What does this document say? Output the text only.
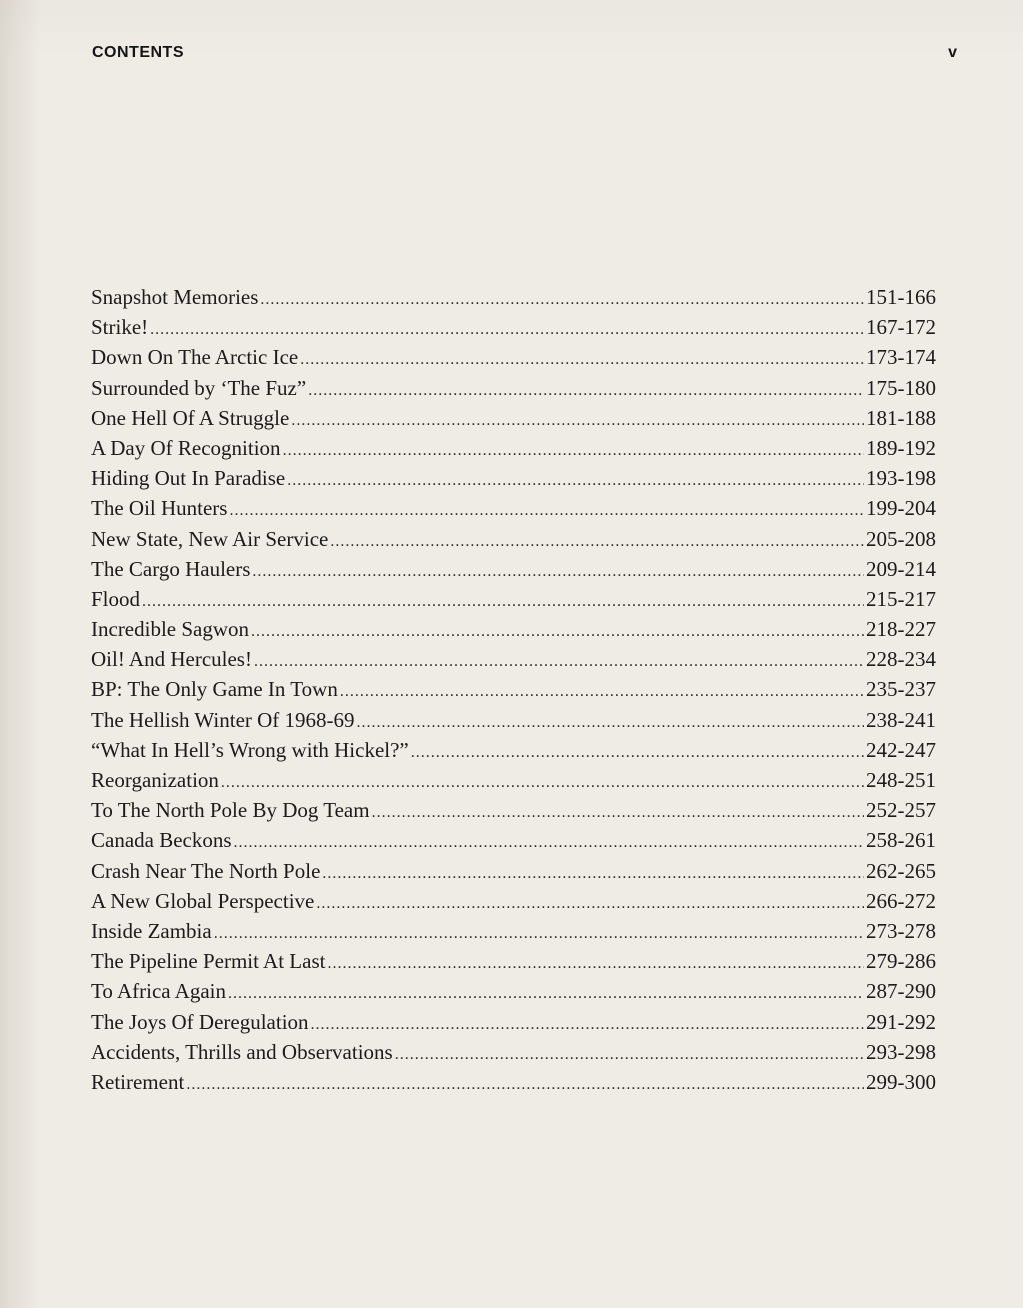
CONTENTS	v
Snapshot Memories .....	151-166
Strike! .....	167-172
Down On The Arctic Ice .....	173-174
Surrounded by ‘The Fuz” .....	175-180
One Hell Of A Struggle .....	181-188
A Day Of Recognition .....	189-192
Hiding Out In Paradise .....	193-198
The Oil Hunters .....	199-204
New State, New Air Service .....	205-208
The Cargo Haulers .....	209-214
Flood .....	215-217
Incredible Sagwon .....	218-227
Oil! And Hercules! .....	228-234
BP: The Only Game In Town .....	235-237
The Hellish Winter Of 1968-69 .....	238-241
“What In Hell’s Wrong with Hickel?” .....	242-247
Reorganization .....	248-251
To The North Pole By Dog Team .....	252-257
Canada Beckons .....	258-261
Crash Near The North Pole .....	262-265
A New Global Perspective .....	266-272
Inside Zambia .....	273-278
The Pipeline Permit At Last .....	279-286
To Africa Again .....	287-290
The Joys Of Deregulation .....	291-292
Accidents, Thrills and Observations .....	293-298
Retirement .....	299-300
